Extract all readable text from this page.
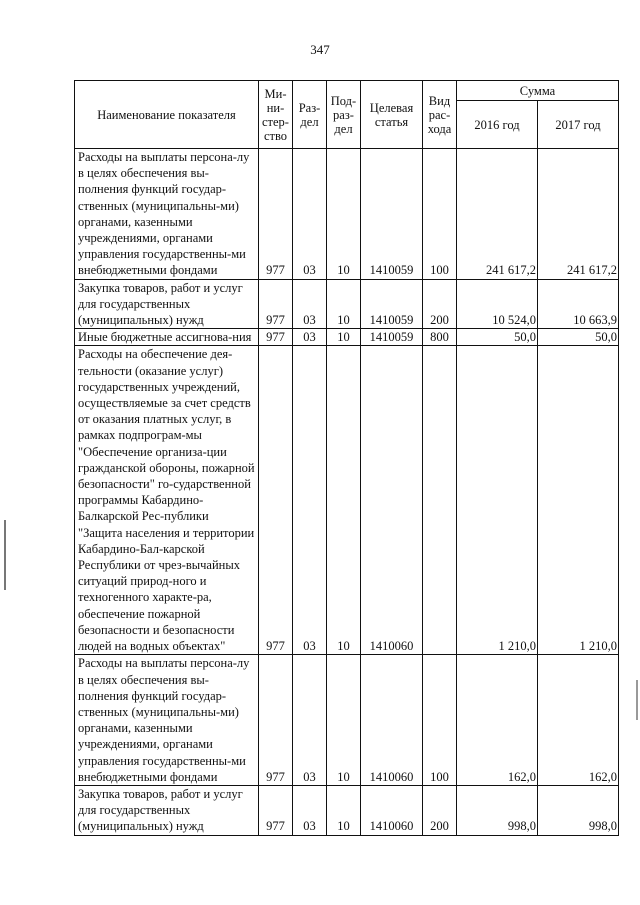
347
Наименование показателя	Ми-ни-стер-ство	Раз-дел	Под-раз-дел	Целевая статья	Вид рас-хода	Сумма	
						2016 год	2017 год
Расходы на выплаты персона-лу в целях обеспечения вы-полнения функций государ-ственных (муниципальны-ми) органами, казенными учреждениями, органами управления государственны-ми внебюджетными фондами	977	03	10	1410059	100	241 617,2	241 617,2
Закупка товаров, работ и услуг для государственных (муниципальных) нужд	977	03	10	1410059	200	10 524,0	10 663,9
Иные бюджетные ассигнова-ния	977	03	10	1410059	800	50,0	50,0
Расходы на обеспечение дея-тельности (оказание услуг) государственных учреждений, осуществляемые за счет средств от оказания платных услуг, в рамках подпрограм-мы "Обеспечение организа-ции гражданской обороны, пожарной безопасности" го-сударственной программы Кабардино-Балкарской Рес-публики "Защита населения и территории Кабардино-Бал-карской Республики от чрез-вычайных ситуаций природ-ного и техногенного характе-ра, обеспечение пожарной безопасности и безопасности людей на водных объектах"	977	03	10	1410060		1 210,0	1 210,0
Расходы на выплаты персона-лу в целях обеспечения вы-полнения функций государ-ственных (муниципальны-ми) органами, казенными учреждениями, органами управления государственны-ми внебюджетными фондами	977	03	10	1410060	100	162,0	162,0
Закупка товаров, работ и услуг для государственных (муниципальных) нужд	977	03	10	1410060	200	998,0	998,0
